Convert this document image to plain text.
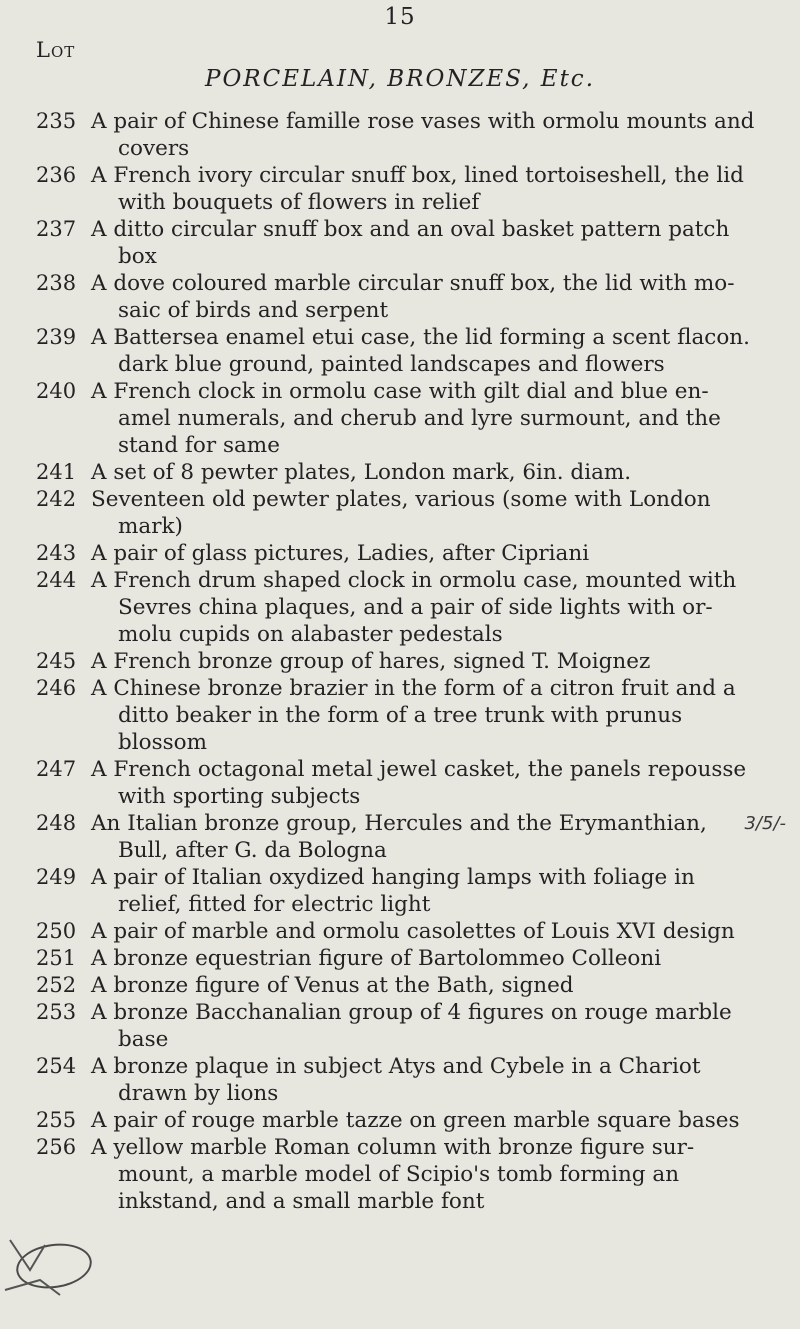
15
Lot
PORCELAIN, BRONZES, Etc.
235 A pair of Chinese famille rose vases with ormolu mounts and covers
236 A French ivory circular snuff box, lined tortoiseshell, the lid with bouquets of flowers in relief
237 A ditto circular snuff box and an oval basket pattern patch box
238 A dove coloured marble circular snuff box, the lid with mo-saic of birds and serpent
239 A Battersea enamel etui case, the lid forming a scent flacon. dark blue ground, painted landscapes and flowers
240 A French clock in ormolu case with gilt dial and blue en-amel numerals, and cherub and lyre surmount, and the stand for same
241 A set of 8 pewter plates, London mark, 6in. diam.
242 Seventeen old pewter plates, various (some with London mark)
243 A pair of glass pictures, Ladies, after Cipriani
244 A French drum shaped clock in ormolu case, mounted with Sevres china plaques, and a pair of side lights with or-molu cupids on alabaster pedestals
245 A French bronze group of hares, signed T. Moignez
246 A Chinese bronze brazier in the form of a citron fruit and a ditto beaker in the form of a tree trunk with prunus blossom
247 A French octagonal metal jewel casket, the panels repousse with sporting subjects
248 An Italian bronze group, Hercules and the Erymanthian, Bull, after G. da Bologna
3/5/-
249 A pair of Italian oxydized hanging lamps with foliage in relief, fitted for electric light
250 A pair of marble and ormolu casolettes of Louis XVI design
251 A bronze equestrian figure of Bartolommeo Colleoni
252 A bronze figure of Venus at the Bath, signed
253 A bronze Bacchanalian group of 4 figures on rouge marble base
254 A bronze plaque in subject Atys and Cybele in a Chariot drawn by lions
255 A pair of rouge marble tazze on green marble square bases
256 A yellow marble Roman column with bronze figure sur-mount, a marble model of Scipio's tomb forming an inkstand, and a small marble font
